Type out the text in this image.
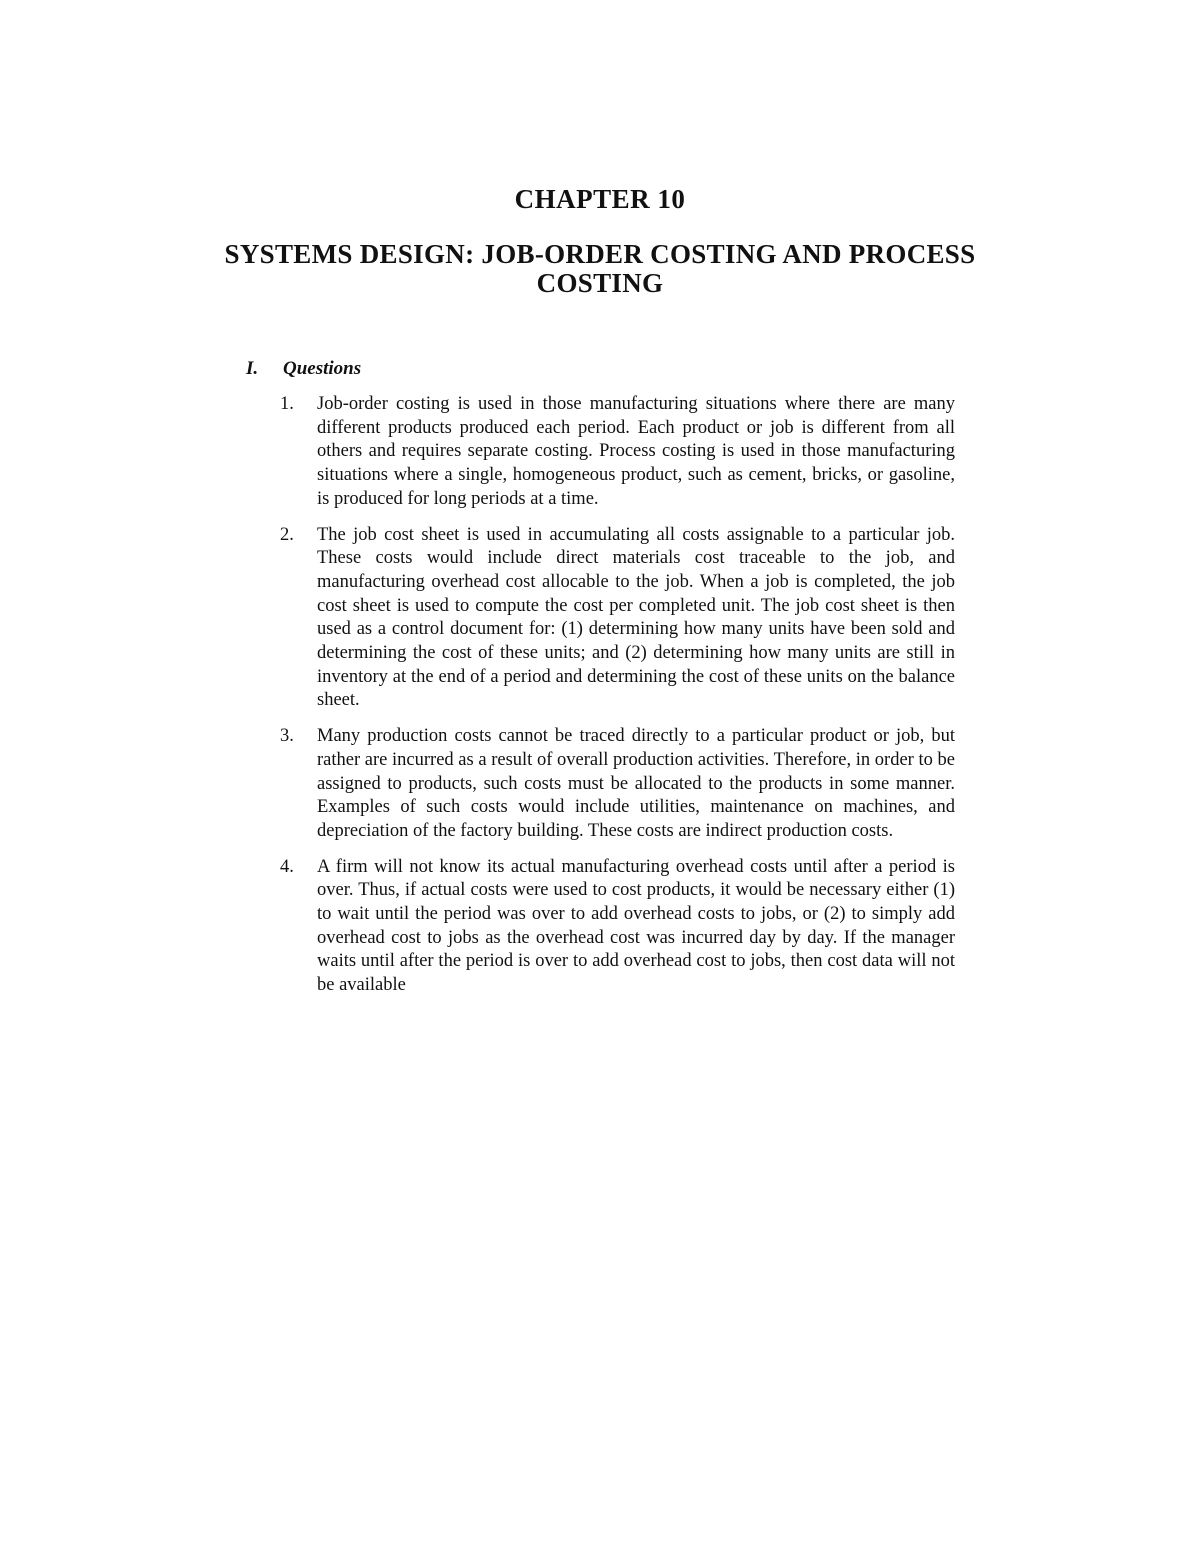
CHAPTER 10
SYSTEMS DESIGN: JOB-ORDER COSTING AND PROCESS COSTING
I. Questions
1. Job-order costing is used in those manufacturing situations where there are many different products produced each period. Each product or job is different from all others and requires separate costing. Process costing is used in those manufacturing situations where a single, homogeneous product, such as cement, bricks, or gasoline, is produced for long periods at a time.
2. The job cost sheet is used in accumulating all costs assignable to a particular job. These costs would include direct materials cost traceable to the job, and manufacturing overhead cost allocable to the job. When a job is completed, the job cost sheet is used to compute the cost per completed unit. The job cost sheet is then used as a control document for: (1) determining how many units have been sold and determining the cost of these units; and (2) determining how many units are still in inventory at the end of a period and determining the cost of these units on the balance sheet.
3. Many production costs cannot be traced directly to a particular product or job, but rather are incurred as a result of overall production activities. Therefore, in order to be assigned to products, such costs must be allocated to the products in some manner. Examples of such costs would include utilities, maintenance on machines, and depreciation of the factory building. These costs are indirect production costs.
4. A firm will not know its actual manufacturing overhead costs until after a period is over. Thus, if actual costs were used to cost products, it would be necessary either (1) to wait until the period was over to add overhead costs to jobs, or (2) to simply add overhead cost to jobs as the overhead cost was incurred day by day. If the manager waits until after the period is over to add overhead cost to jobs, then cost data will not be available
